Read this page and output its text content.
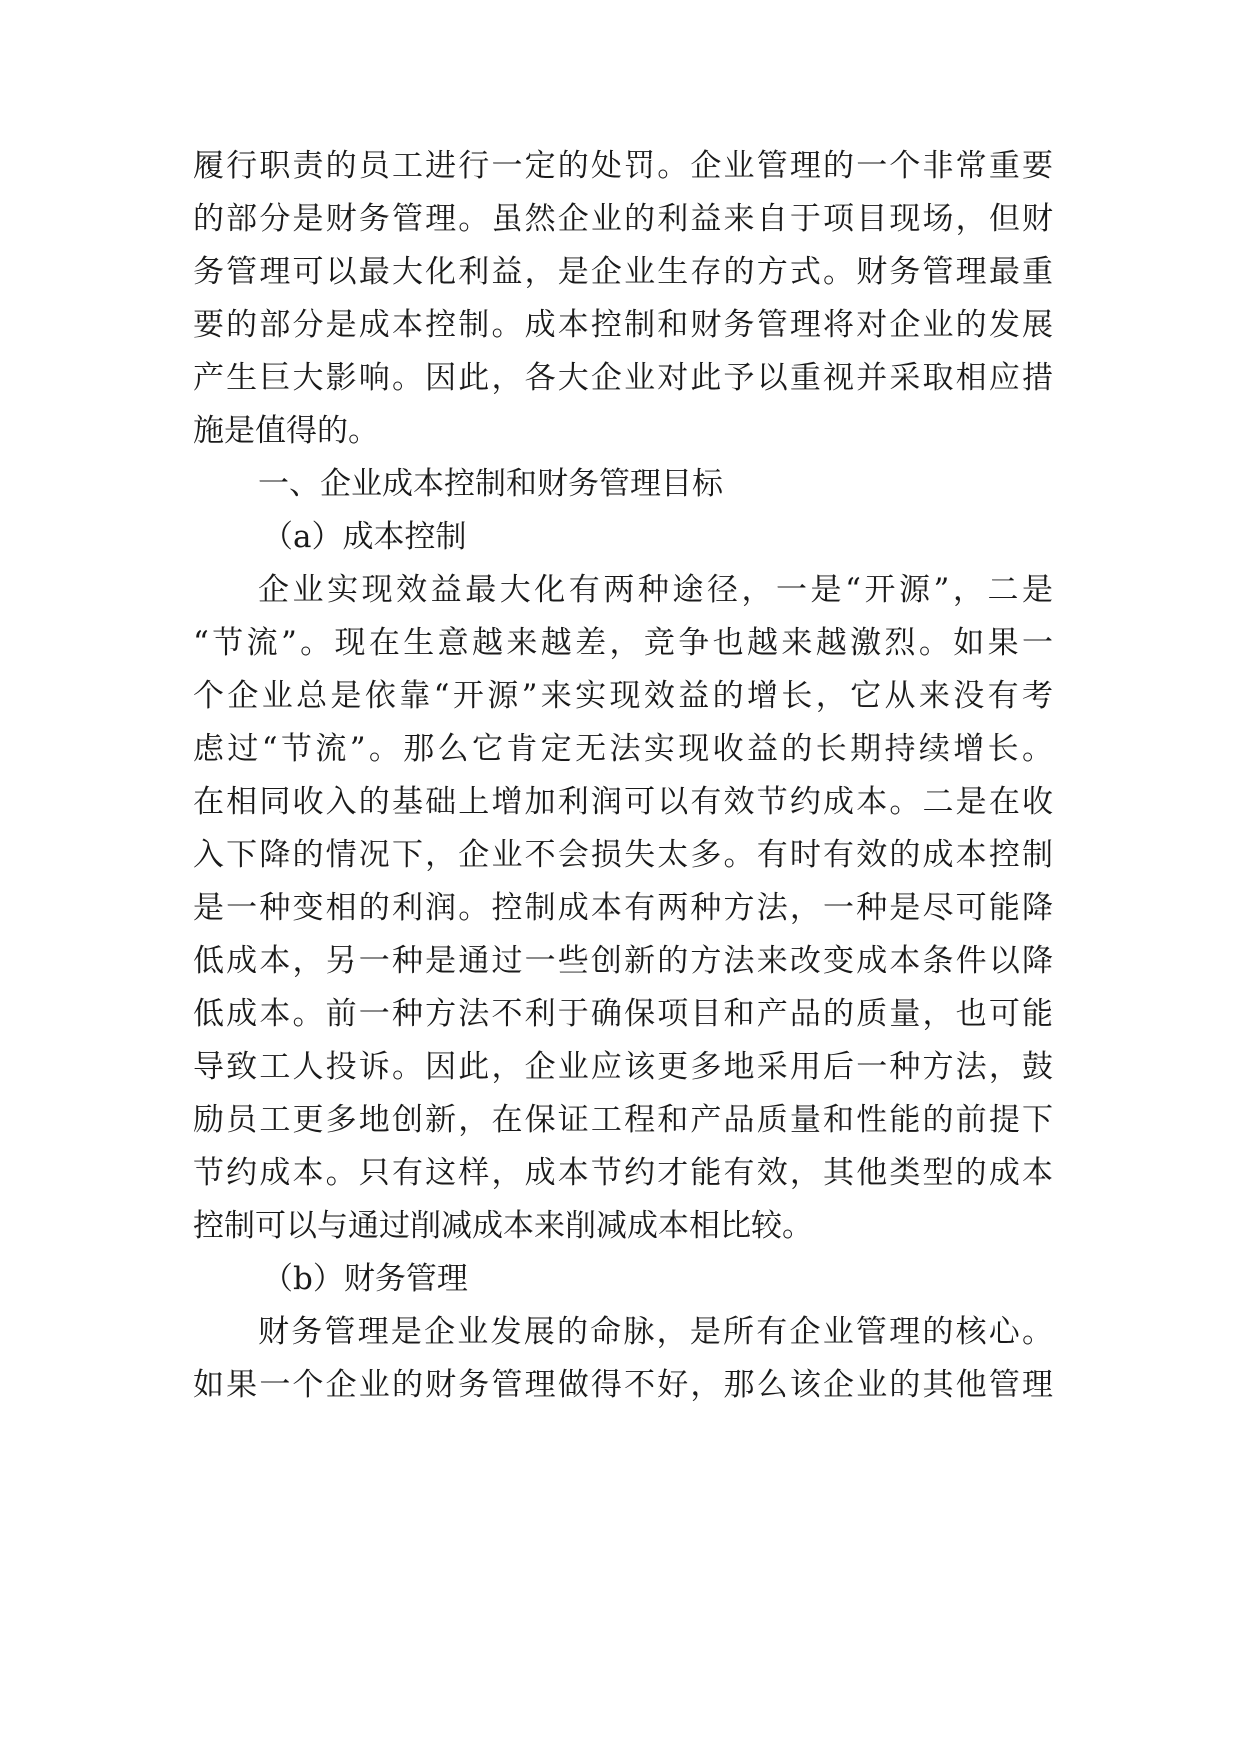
履行职责的员工进行一定的处罚。企业管理的一个非常重要
的部分是财务管理。虽然企业的利益来自于项目现场，但财
务管理可以最大化利益，是企业生存的方式。财务管理最重
要的部分是成本控制。成本控制和财务管理将对企业的发展
产生巨大影响。因此，各大企业对此予以重视并采取相应措
施是值得的。
一、企业成本控制和财务管理目标
（a）成本控制
企业实现效益最大化有两种途径，一是“开源”，二是
“节流”。现在生意越来越差，竞争也越来越激烈。如果一
个企业总是依靠“开源”来实现效益的增长，它从来没有考
虑过“节流”。那么它肯定无法实现收益的长期持续增长。
在相同收入的基础上增加利润可以有效节约成本。二是在收
入下降的情况下，企业不会损失太多。有时有效的成本控制
是一种变相的利润。控制成本有两种方法，一种是尽可能降
低成本，另一种是通过一些创新的方法来改变成本条件以降
低成本。前一种方法不利于确保项目和产品的质量，也可能
导致工人投诉。因此，企业应该更多地采用后一种方法，鼓
励员工更多地创新，在保证工程和产品质量和性能的前提下
节约成本。只有这样，成本节约才能有效，其他类型的成本
控制可以与通过削减成本来削减成本相比较。
（b）财务管理
财务管理是企业发展的命脉，是所有企业管理的核心。
如果一个企业的财务管理做得不好，那么该企业的其他管理
